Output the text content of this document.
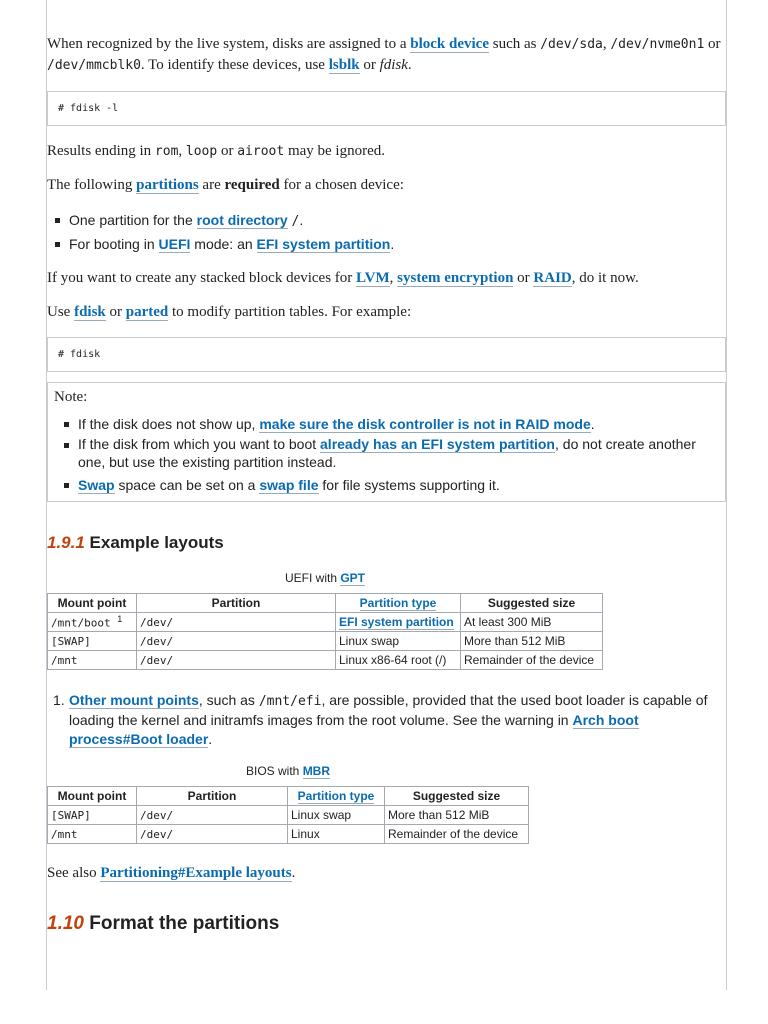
When recognized by the live system, disks are assigned to a block device such as /dev/sda, /dev/nvme0n1 or /dev/mmcblk0. To identify these devices, use lsblk or fdisk.

# fdisk -l

Results ending in rom, loop or airoot may be ignored.

The following partitions are required for a chosen device:

One partition for the root directory /.
For booting in UEFI mode: an EFI system partition.

If you want to create any stacked block devices for LVM, system encryption or RAID, do it now.

Use fdisk or parted to modify partition tables. For example:

# fdisk
Note:
If the disk does not show up, make sure the disk controller is not in RAID mode.
If the disk from which you want to boot already has an EFI system partition, do not create another one, but use the existing partition instead.
Swap space can be set on a swap file for file systems supporting it.
1.9.1 Example layouts
UEFI with GPT
Mount point	Partition	Partition type	Suggested size
/mnt/boot $^1$	/dev/	EFI system partition	At least 300 MiB
[SWAP]	/dev/	Linux swap	More than 512 MiB
/mnt	/dev/	Linux x86-64 root (/)	Remainder of the device
1. Other mount points, such as /mnt/efi, are possible, provided that the used boot loader is capable of loading the kernel and initramfs images from the root volume. See the warning in Arch boot process#Boot loader.
BIOS with MBR
Mount point	Partition	Partition type	Suggested size
[SWAP]	/dev/	Linux swap	More than 512 MiB
/mnt	/dev/	Linux	Remainder of the device

See also Partitioning#Example layouts.

1.10 Format the partitions
